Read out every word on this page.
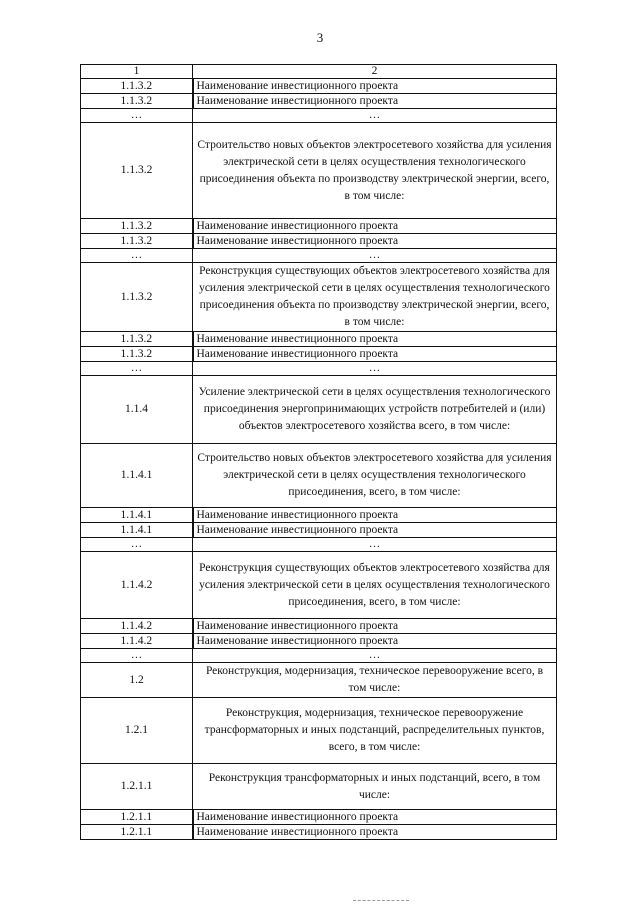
3
1	2
1.1.3.2	Наименование инвестиционного проекта
1.1.3.2	Наименование инвестиционного проекта
…	…
1.1.3.2	Строительство новых объектов электросетевого хозяйства для усиления электрической сети в целях осуществления технологического присоединения объекта по производству электрической энергии, всего, в том числе:
1.1.3.2	Наименование инвестиционного проекта
1.1.3.2	Наименование инвестиционного проекта
…	…
1.1.3.2	Реконструкция существующих объектов электросетевого хозяйства для усиления электрической сети в целях осуществления технологического присоединения объекта по производству электрической энергии, всего, в том числе:
1.1.3.2	Наименование инвестиционного проекта
1.1.3.2	Наименование инвестиционного проекта
…	…
1.1.4	Усиление электрической сети в целях осуществления технологического присоединения энергопринимающих устройств потребителей и (или) объектов электросетевого хозяйства всего, в том числе:
1.1.4.1	Строительство новых объектов электросетевого хозяйства для усиления электрической сети в целях осуществления технологического присоединения, всего, в том числе:
1.1.4.1	Наименование инвестиционного проекта
1.1.4.1	Наименование инвестиционного проекта
…	…
1.1.4.2	Реконструкция существующих объектов электросетевого хозяйства для усиления электрической сети в целях осуществления технологического присоединения, всего, в том числе:
1.1.4.2	Наименование инвестиционного проекта
1.1.4.2	Наименование инвестиционного проекта
…	…
1.2	Реконструкция, модернизация, техническое перевооружение всего, в том числе:
1.2.1	Реконструкция, модернизация, техническое перевооружение трансформаторных и иных подстанций, распределительных пунктов, всего, в том числе:
1.2.1.1	Реконструкция трансформаторных и иных подстанций, всего, в том числе:
1.2.1.1	Наименование инвестиционного проекта
1.2.1.1	Наименование инвестиционного проекта
